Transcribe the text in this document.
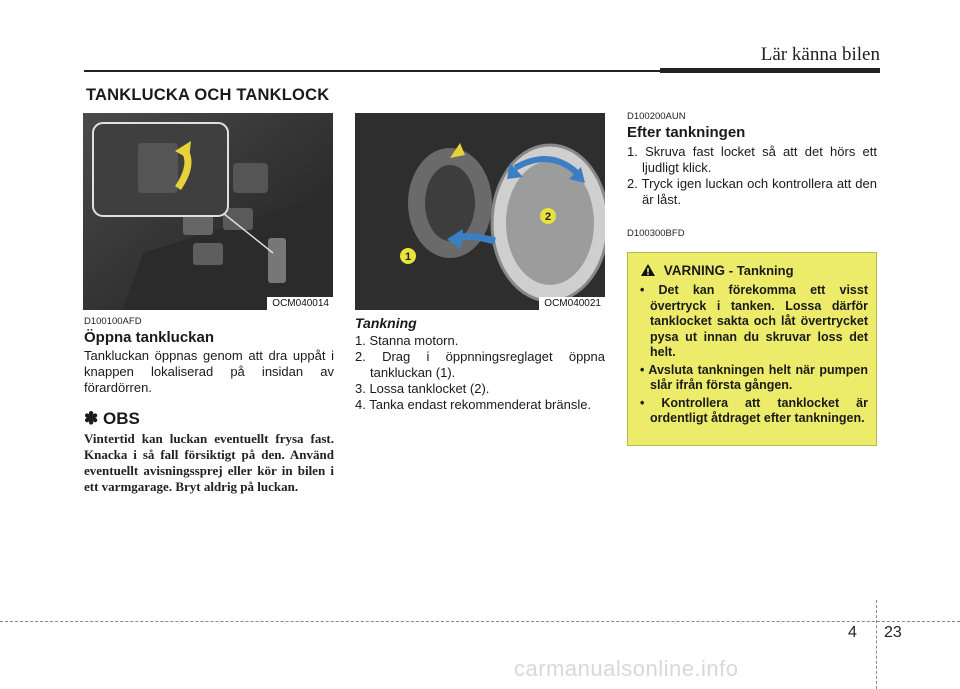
Lär känna bilen
TANKLUCKA OCH TANKLOCK
OCM040014
1
2
OCM040021
D100100AFD
Öppna tankluckan
Tankluckan öppnas genom att dra uppåt i knappen lokaliserad på insidan av förardörren.
✽ OBS
Vintertid kan luckan eventuellt frysa fast. Knacka i så fall försiktigt på den. Använd eventuellt avisningssprej eller kör in bilen i ett varmgarage. Bryt aldrig på luckan.
Tankning
1. Stanna motorn.
2. Drag i öppnningsreglaget öppna tankluckan (1).
3. Lossa tanklocket (2).
4. Tanka endast rekommenderat bränsle.
D100200AUN
Efter tankningen
1. Skruva fast locket så att det hörs ett ljudligt klick.
2. Tryck igen luckan och kontrollera att den är låst.
D100300BFD
VARNING - Tankning
• Det kan förekomma ett visst övertryck i tanken. Lossa därför tanklocket sakta och låt övertrycket pysa ut innan du skruvar loss det helt.
• Avsluta tankningen helt när pumpen slår ifrån första gången.
• Kontrollera att tanklocket är ordentligt åtdraget efter tankningen.
4 23
carmanualsonline.info
